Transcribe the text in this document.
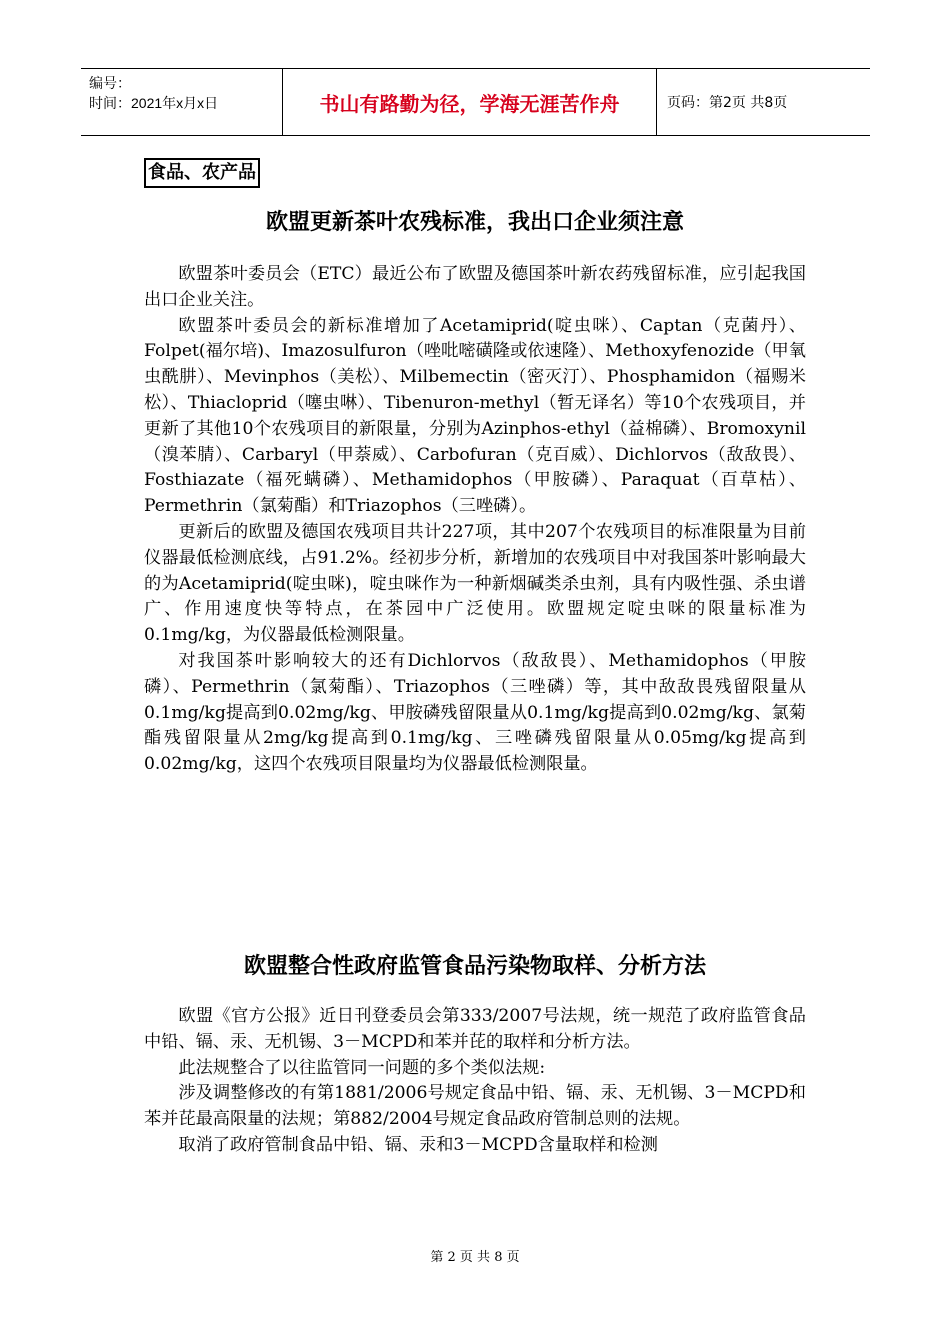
编号：
时间：2021年x月x日	书山有路勤为径，学海无涯苦作舟	页码：第2页 共8页
食品、农产品
欧盟更新茶叶农残标准，我出口企业须注意

欧盟茶叶委员会（ETC）最近公布了欧盟及德国茶叶新农药残留标准，应引起我国出口企业关注。

欧盟茶叶委员会的新标准增加了Acetamiprid(啶虫咪）、Captan（克菌丹）、Folpet(福尔培)、Imazosulfuron（唑吡嘧磺隆或依速隆）、Methoxyfenozide（甲氧虫酰肼）、Mevinphos（美松）、Milbemectin（密灭汀）、Phosphamidon（福赐米松）、Thiacloprid（噻虫啉）、Tibenuron-methyl（暂无译名）等10个农残项目，并更新了其他10个农残项目的新限量，分别为Azinphos-ethyl（益棉磷）、Bromoxynil（溴苯腈）、Carbaryl（甲萘威）、Carbofuran（克百威）、Dichlorvos（敌敌畏）、Fosthiazate（福死螨磷）、Methamidophos（甲胺磷）、Paraquat（百草枯）、Permethrin（氯菊酯）和Triazophos（三唑磷）。

更新后的欧盟及德国农残项目共计227项，其中207个农残项目的标准限量为目前仪器最低检测底线，占91.2%。经初步分析，新增加的农残项目中对我国茶叶影响最大的为Acetamiprid(啶虫咪)，啶虫咪作为一种新烟碱类杀虫剂，具有内吸性强、杀虫谱广、作用速度快等特点，在茶园中广泛使用。欧盟规定啶虫咪的限量标准为0.1mg/kg，为仪器最低检测限量。

对我国茶叶影响较大的还有Dichlorvos（敌敌畏）、Methamidophos（甲胺磷）、Permethrin（氯菊酯）、Triazophos（三唑磷）等，其中敌敌畏残留限量从0.1mg/kg提高到0.02mg/kg、甲胺磷残留限量从0.1mg/kg提高到0.02mg/kg、氯菊酯残留限量从2mg/kg提高到0.1mg/kg、三唑磷残留限量从0.05mg/kg提高到0.02mg/kg，这四个农残项目限量均为仪器最低检测限量。

欧盟整合性政府监管食品污染物取样、分析方法

欧盟《官方公报》近日刊登委员会第333/2007号法规，统一规范了政府监管食品中铅、镉、汞、无机锡、3－MCPD和苯并芘的取样和分析方法。

此法规整合了以往监管同一问题的多个类似法规:

涉及调整修改的有第1881/2006号规定食品中铅、镉、汞、无机锡、3－MCPD和苯并芘最高限量的法规；第882/2004号规定食品政府管制总则的法规。

取消了政府管制食品中铅、镉、汞和3－MCPD含量取样和检测

第 2 页 共 8 页
